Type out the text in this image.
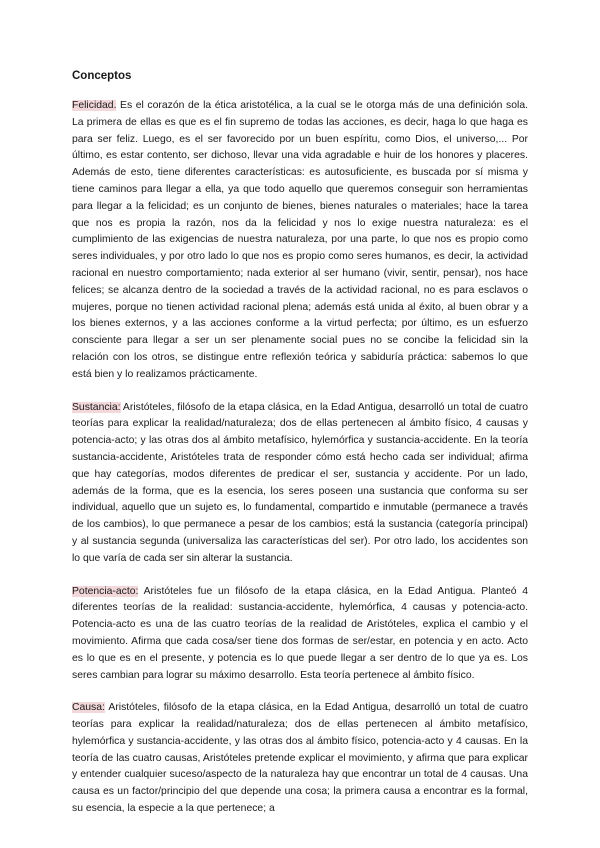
Conceptos

Felicidad. Es el corazón de la ética aristotélica, a la cual se le otorga más de una definición sola. La primera de ellas es que es el fin supremo de todas las acciones, es decir, haga lo que haga es para ser feliz. Luego, es el ser favorecido por un buen espíritu, como Dios, el universo,... Por último, es estar contento, ser dichoso, llevar una vida agradable e huir de los honores y placeres. Además de esto, tiene diferentes características: es autosuficiente, es buscada por sí misma y tiene caminos para llegar a ella, ya que todo aquello que queremos conseguir son herramientas para llegar a la felicidad; es un conjunto de bienes, bienes naturales o materiales; hace la tarea que nos es propia la razón, nos da la felicidad y nos lo exige nuestra naturaleza: es el cumplimiento de las exigencias de nuestra naturaleza, por una parte, lo que nos es propio como seres individuales, y por otro lado lo que nos es propio como seres humanos, es decir, la actividad racional en nuestro comportamiento; nada exterior al ser humano (vivir, sentir, pensar), nos hace felices; se alcanza dentro de la sociedad a través de la actividad racional, no es para esclavos o mujeres, porque no tienen actividad racional plena; además está unida al éxito, al buen obrar y a los bienes externos, y a las acciones conforme a la virtud perfecta; por último, es un esfuerzo consciente para llegar a ser un ser plenamente social pues no se concibe la felicidad sin la relación con los otros, se distingue entre reflexión teórica y sabiduría práctica: sabemos lo que está bien y lo realizamos prácticamente.

Sustancia: Aristóteles, filósofo de la etapa clásica, en la Edad Antigua, desarrolló un total de cuatro teorías para explicar la realidad/naturaleza; dos de ellas pertenecen al ámbito físico, 4 causas y potencia-acto; y las otras dos al ámbito metafísico, hylemórfica y sustancia-accidente. En la teoría sustancia-accidente, Aristóteles trata de responder cómo está hecho cada ser individual; afirma que hay categorías, modos diferentes de predicar el ser, sustancia y accidente. Por un lado, además de la forma, que es la esencia, los seres poseen una sustancia que conforma su ser individual, aquello que un sujeto es, lo fundamental, compartido e inmutable (permanece a través de los cambios), lo que permanece a pesar de los cambios; está la sustancia (categoría principal) y al sustancia segunda (universaliza las características del ser). Por otro lado, los accidentes son lo que varía de cada ser sin alterar la sustancia.

Potencia-acto: Aristóteles fue un filósofo de la etapa clásica, en la Edad Antigua. Planteó 4 diferentes teorías de la realidad: sustancia-accidente, hylemórfica, 4 causas y potencia-acto. Potencia-acto es una de las cuatro teorías de la realidad de Aristóteles, explica el cambio y el movimiento. Afirma que cada cosa/ser tiene dos formas de ser/estar, en potencia y en acto. Acto es lo que es en el presente, y potencia es lo que puede llegar a ser dentro de lo que ya es. Los seres cambian para lograr su máximo desarrollo. Esta teoría pertenece al ámbito físico.

Causa: Aristóteles, filósofo de la etapa clásica, en la Edad Antigua, desarrolló un total de cuatro teorías para explicar la realidad/naturaleza; dos de ellas pertenecen al ámbito metafísico, hylemórfica y sustancia-accidente, y las otras dos al ámbito físico, potencia-acto y 4 causas. En la teoría de las cuatro causas, Aristóteles pretende explicar el movimiento, y afirma que para explicar y entender cualquier suceso/aspecto de la naturaleza hay que encontrar un total de 4 causas. Una causa es un factor/principio del que depende una cosa; la primera causa a encontrar es la formal, su esencia, la especie a la que pertenece; a
